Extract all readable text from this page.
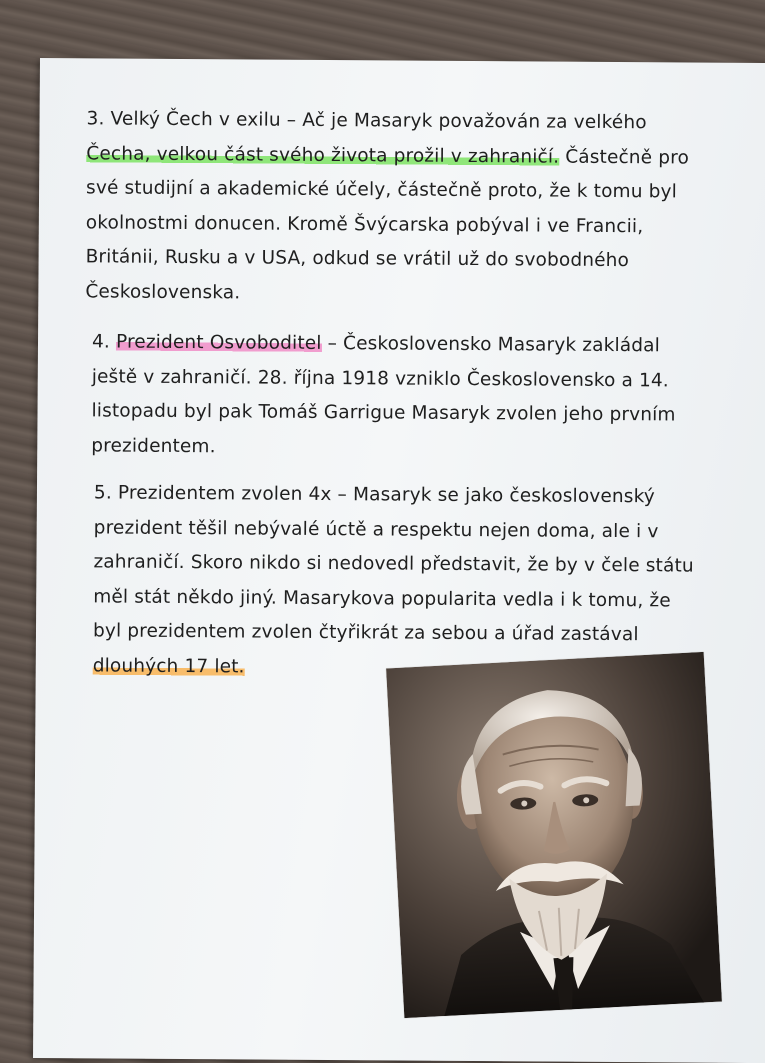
3. Velký Čech v exilu – Ač je Masaryk považován za velkého
Čecha, velkou část svého života prožil v zahraničí. Částečně pro
své studijní a akademické účely, částečně proto, že k tomu byl
okolnostmi donucen. Kromě Švýcarska pobýval i ve Francii,
Británii, Rusku a v USA, odkud se vrátil už do svobodného
Československa.

4. Prezident Osvoboditel – Československo Masaryk zakládal
ještě v zahraničí. 28. října 1918 vzniklo Československo a 14.
listopadu byl pak Tomáš Garrigue Masaryk zvolen jeho prvním
prezidentem.

5. Prezidentem zvolen 4x – Masaryk se jako československý
prezident těšil nebývalé úctě a respektu nejen doma, ale i v
zahraničí. Skoro nikdo si nedovedl představit, že by v čele státu
měl stát někdo jiný. Masarykova popularita vedla i k tomu, že
byl prezidentem zvolen čtyřikrát za sebou a úřad zastával
dlouhých 17 let.
